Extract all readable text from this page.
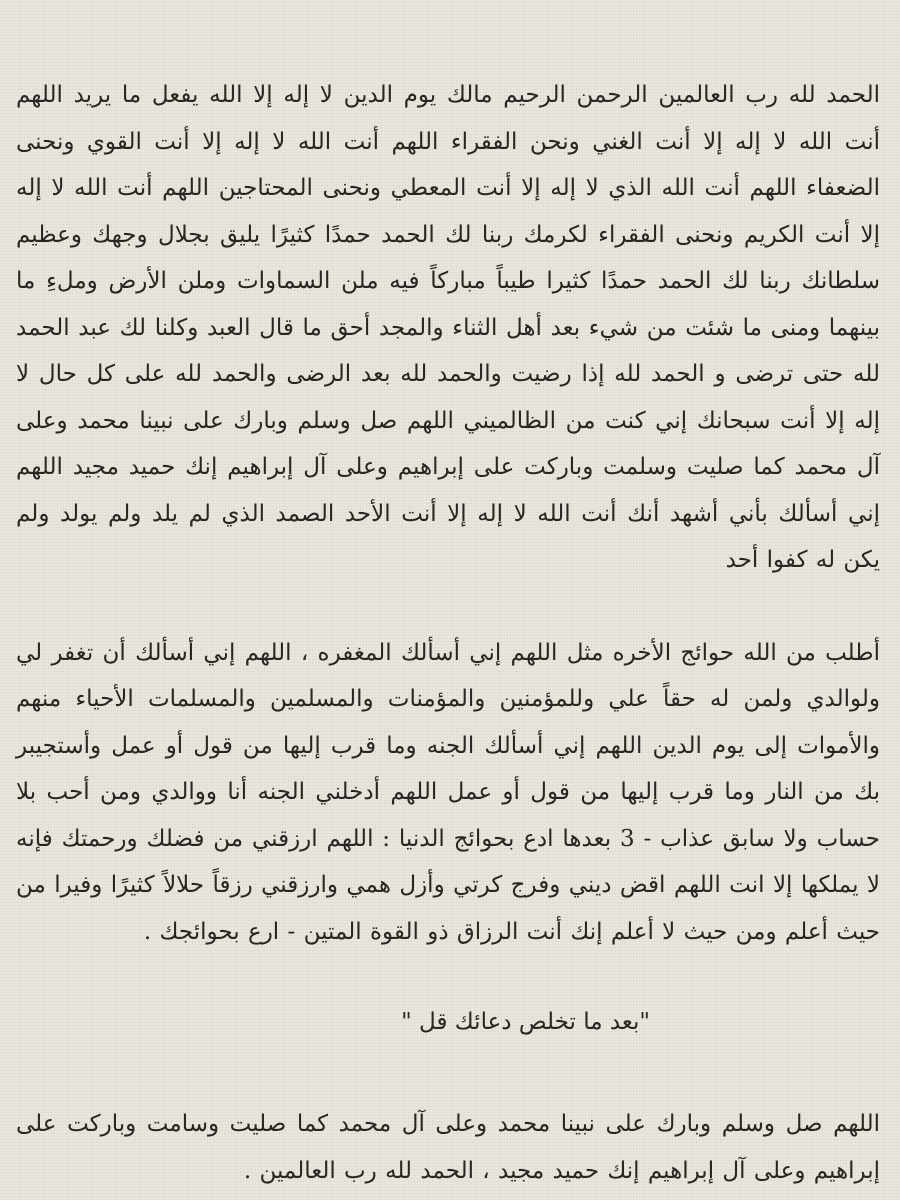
الحمد لله رب العالمين الرحمن الرحيم مالك يوم الدين لا إله إلا الله يفعل ما يريد اللهم أنت الله لا إله إلا أنت الغني ونحن الفقراء اللهم أنت الله لا إله إلا أنت القوي ونحنى الضعفاء اللهم أنت الله الذي لا إله إلا أنت المعطي ونحنى المحتاجين اللهم أنت الله لا إله إلا أنت الكريم ونحنى الفقراء لكرمك ربنا لك الحمد حمدًا كثيرًا يليق بجلال وجهك وعظيم سلطانك ربنا لك الحمد حمدًا كثيرا طيباً مباركاً فيه ملن السماوات وملن الأرض وملءِ ما بينهما ومنى ما شئت من شيء بعد أهل الثناء والمجد أحق ما قال العبد وكلنا لك عبد الحمد لله حتى ترضى و الحمد لله إذا رضيت والحمد لله بعد الرضى والحمد لله على كل حال لا إله إلا أنت سبحانك إني كنت من الظالميني اللهم صل وسلم وبارك على نبينا محمد وعلى آل محمد كما صليت وسلمت وباركت على إبراهيم وعلى آل إبراهيم إنك حميد مجيد اللهم إني أسألك بأني أشهد أنك أنت الله لا إله إلا أنت الأحد الصمد الذي لم يلد ولم يولد ولم يكن له كفوا أحد

أطلب من الله حوائج الأخره مثل اللهم إني أسألك المغفره ، اللهم إني أسألك أن تغفر لي ولوالدي ولمن له حقاً علي وللمؤمنين والمؤمنات والمسلمين والمسلمات الأحياء منهم والأموات إلى يوم الدين اللهم إني أسألك الجنه وما قرب إليها من قول أو عمل وأستجيبر بك من النار وما قرب إليها من قول أو عمل اللهم أدخلني الجنه أنا ووالدي ومن أحب بلا حساب ولا سابق عذاب - 3 بعدها ادع بحوائج الدنيا : اللهم ارزقني من فضلك ورحمتك فإنه لا يملكها إلا انت اللهم اقض ديني وفرج كرتي وأزل همي وارزقني رزقاً حلالاً كثيرًا وفيرا من حيث أعلم ومن حيث لا أعلم إنك أنت الرزاق ذو القوة المتين - ارع بحوائجك .

"بعد ما تخلص دعائك قل "

اللهم صل وسلم وبارك على نبينا محمد وعلى آل محمد كما صليت وسامت وباركت على إبراهيم وعلى آل إبراهيم إنك حميد مجيد ، الحمد لله رب العالمين .
